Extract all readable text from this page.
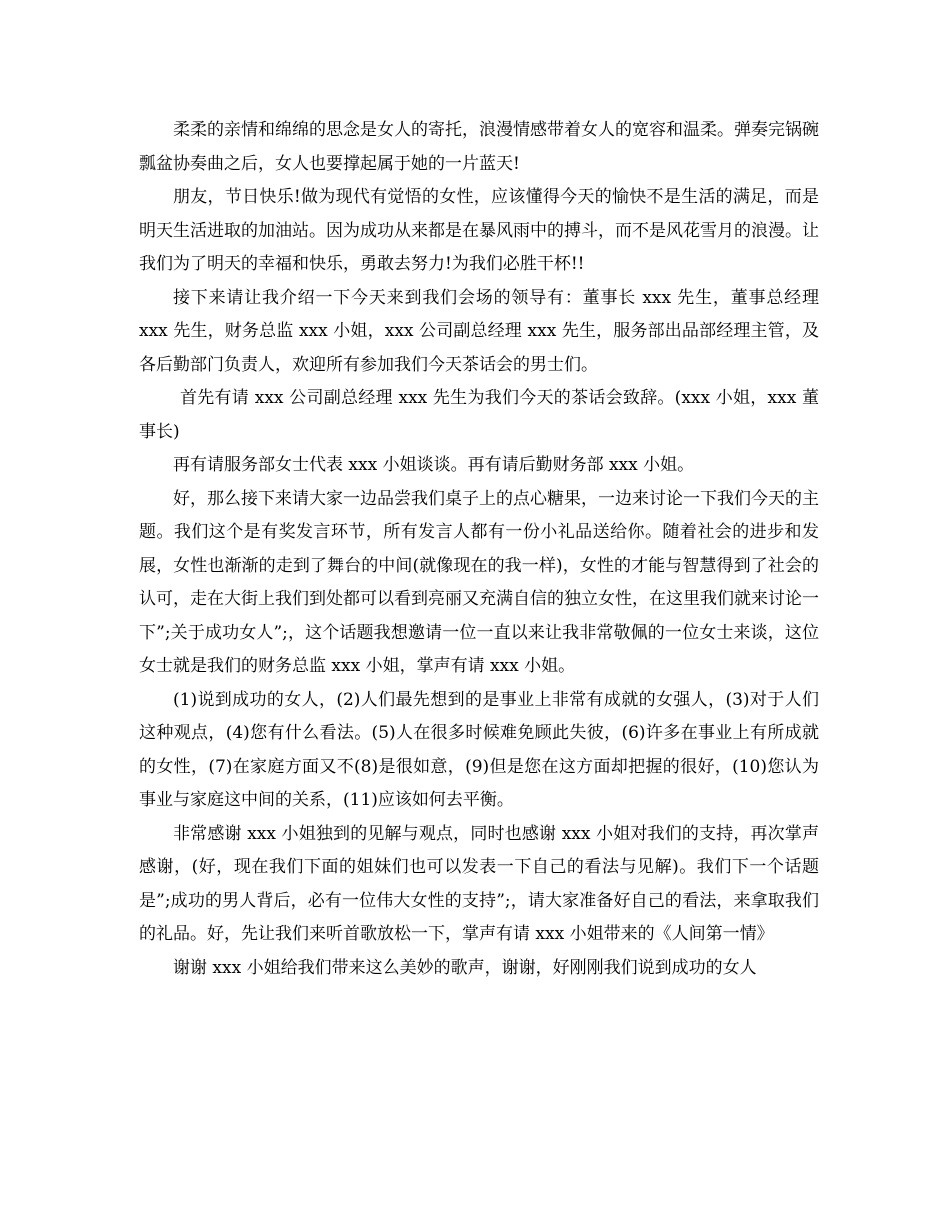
柔柔的亲情和绵绵的思念是女人的寄托，浪漫情感带着女人的宽容和温柔。弹奏完锅碗瓢盆协奏曲之后，女人也要撑起属于她的一片蓝天!

朋友，节日快乐!做为现代有觉悟的女性，应该懂得今天的愉快不是生活的满足，而是明天生活进取的加油站。因为成功从来都是在暴风雨中的搏斗，而不是风花雪月的浪漫。让我们为了明天的幸福和快乐，勇敢去努力!为我们必胜干杯!!

接下来请让我介绍一下今天来到我们会场的领导有：董事长 xxx 先生，董事总经理 xxx 先生，财务总监 xxx 小姐，xxx 公司副总经理 xxx 先生，服务部出品部经理主管，及各后勤部门负责人，欢迎所有参加我们今天茶话会的男士们。

首先有请 xxx 公司副总经理 xxx 先生为我们今天的茶话会致辞。(xxx 小姐，xxx 董事长)

再有请服务部女士代表 xxx 小姐谈谈。再有请后勤财务部 xxx 小姐。

好，那么接下来请大家一边品尝我们桌子上的点心糖果，一边来讨论一下我们今天的主题。我们这个是有奖发言环节，所有发言人都有一份小礼品送给你。随着社会的进步和发展，女性也渐渐的走到了舞台的中间(就像现在的我一样)，女性的才能与智慧得到了社会的认可，走在大街上我们到处都可以看到亮丽又充满自信的独立女性，在这里我们就来讨论一下”;关于成功女人”;，这个话题我想邀请一位一直以来让我非常敬佩的一位女士来谈，这位女士就是我们的财务总监 xxx 小姐，掌声有请 xxx 小姐。

(1)说到成功的女人，(2)人们最先想到的是事业上非常有成就的女强人，(3)对于人们这种观点，(4)您有什么看法。(5)人在很多时候难免顾此失彼，(6)许多在事业上有所成就的女性，(7)在家庭方面又不(8)是很如意，(9)但是您在这方面却把握的很好，(10)您认为事业与家庭这中间的关系，(11)应该如何去平衡。

非常感谢 xxx 小姐独到的见解与观点，同时也感谢 xxx 小姐对我们的支持，再次掌声感谢，(好，现在我们下面的姐妹们也可以发表一下自己的看法与见解)。我们下一个话题是”;成功的男人背后，必有一位伟大女性的支持”;，请大家准备好自己的看法，来拿取我们的礼品。好，先让我们来听首歌放松一下，掌声有请 xxx 小姐带来的《人间第一情》

谢谢 xxx 小姐给我们带来这么美妙的歌声，谢谢，好刚刚我们说到成功的女人
